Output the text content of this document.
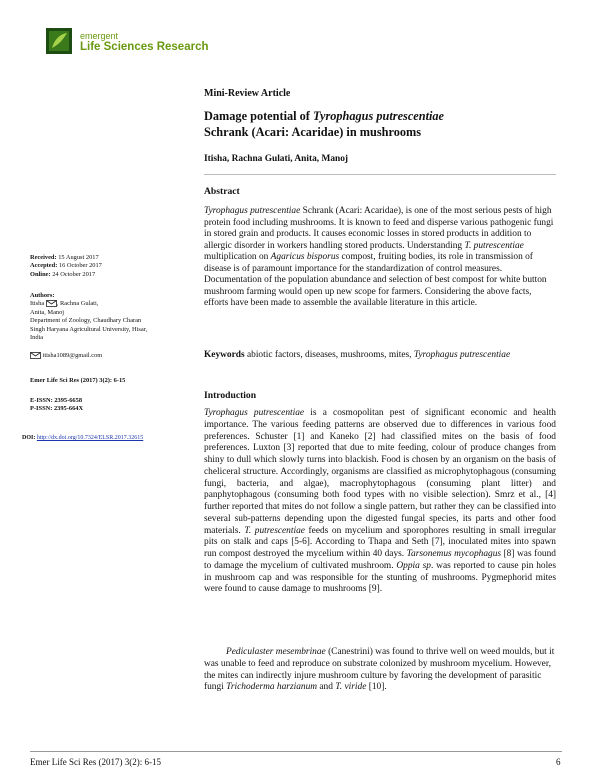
emergent
Life Sciences Research
Mini-Review Article
Damage potential of Tyrophagus putrescentiae
Schrank (Acari: Acaridae) in mushrooms
Itisha, Rachna Gulati, Anita, Manoj
Abstract
Tyrophagus putrescentiae Schrank (Acari: Acaridae), is one of the most serious pests of high protein food including mushrooms. It is known to feed and disperse various pathogenic fungi in stored grain and products. It causes economic losses in stored products in addition to allergic disorder in workers handling stored products. Understanding T. putrescentiae multiplication on Agaricus bisporus compost, fruiting bodies, its role in transmission of disease is of paramount importance for the standardization of control measures. Documentation of the population abundance and selection of best compost for white button mushroom farming would open up new scope for farmers. Considering the above facts, efforts have been made to assemble the available literature in this article.
Keywords abiotic factors, diseases, mushrooms, mites, Tyrophagus putrescentiae
Introduction
Tyrophagus putrescentiae is a cosmopolitan pest of significant economic and health importance. The various feeding patterns are observed due to differences in various food preferences. Schuster [1] and Kaneko [2] had classified mites on the basis of food preferences. Luxton [3] reported that due to mite feeding, colour of produce changes from shiny to dull which slowly turns into blackish. Food is chosen by an organism on the basis of cheliceral structure. Accordingly, organisms are classified as microphytophagous (consuming fungi, bacteria, and algae), macrophytophagous (consuming plant litter) and panphytophagous (consuming both food types with no visible selection). Smrz et al., [4] further reported that mites do not follow a single pattern, but rather they can be classified into several sub-patterns depending upon the digested fungal species, its parts and other food materials. T. putrescentiae feeds on mycelium and sporophores resulting in small irregular pits on stalk and caps [5-6]. According to Thapa and Seth [7], inoculated mites into spawn run compost destroyed the mycelium within 40 days. Tarsonemus mycophagus [8] was found to damage the mycelium of cultivated mushroom. Oppia sp. was reported to cause pin holes in mushroom cap and was responsible for the stunting of mushrooms. Pygmephorid mites were found to cause damage to mushrooms [9].
Pediculaster mesembrinae (Canestrini) was found to thrive well on weed moulds, but it was unable to feed and reproduce on substrate colonized by mushroom mycelium. However, the mites can indirectly injure mushroom culture by favoring the development of parasitic fungi Trichoderma harzianum and T. viride [10].
Received: 15 August 2017
Accepted: 16 October 2017
Online: 24 October 2017
Authors:
Itisha , Rachna Gulati,
Anita, Manoj
Department of Zoology, Chaudhary Charan
Singh Haryana Agricultural University, Hisar,
India
itisha1089@gmail.com
Emer Life Sci Res (2017) 3(2): 6-15
E-ISSN: 2395-6658
P-ISSN: 2395-664X
DOI: http://dx.doi.org/10.7324/ELSR.2017.32615
Emer Life Sci Res (2017) 3(2): 6-15	6
